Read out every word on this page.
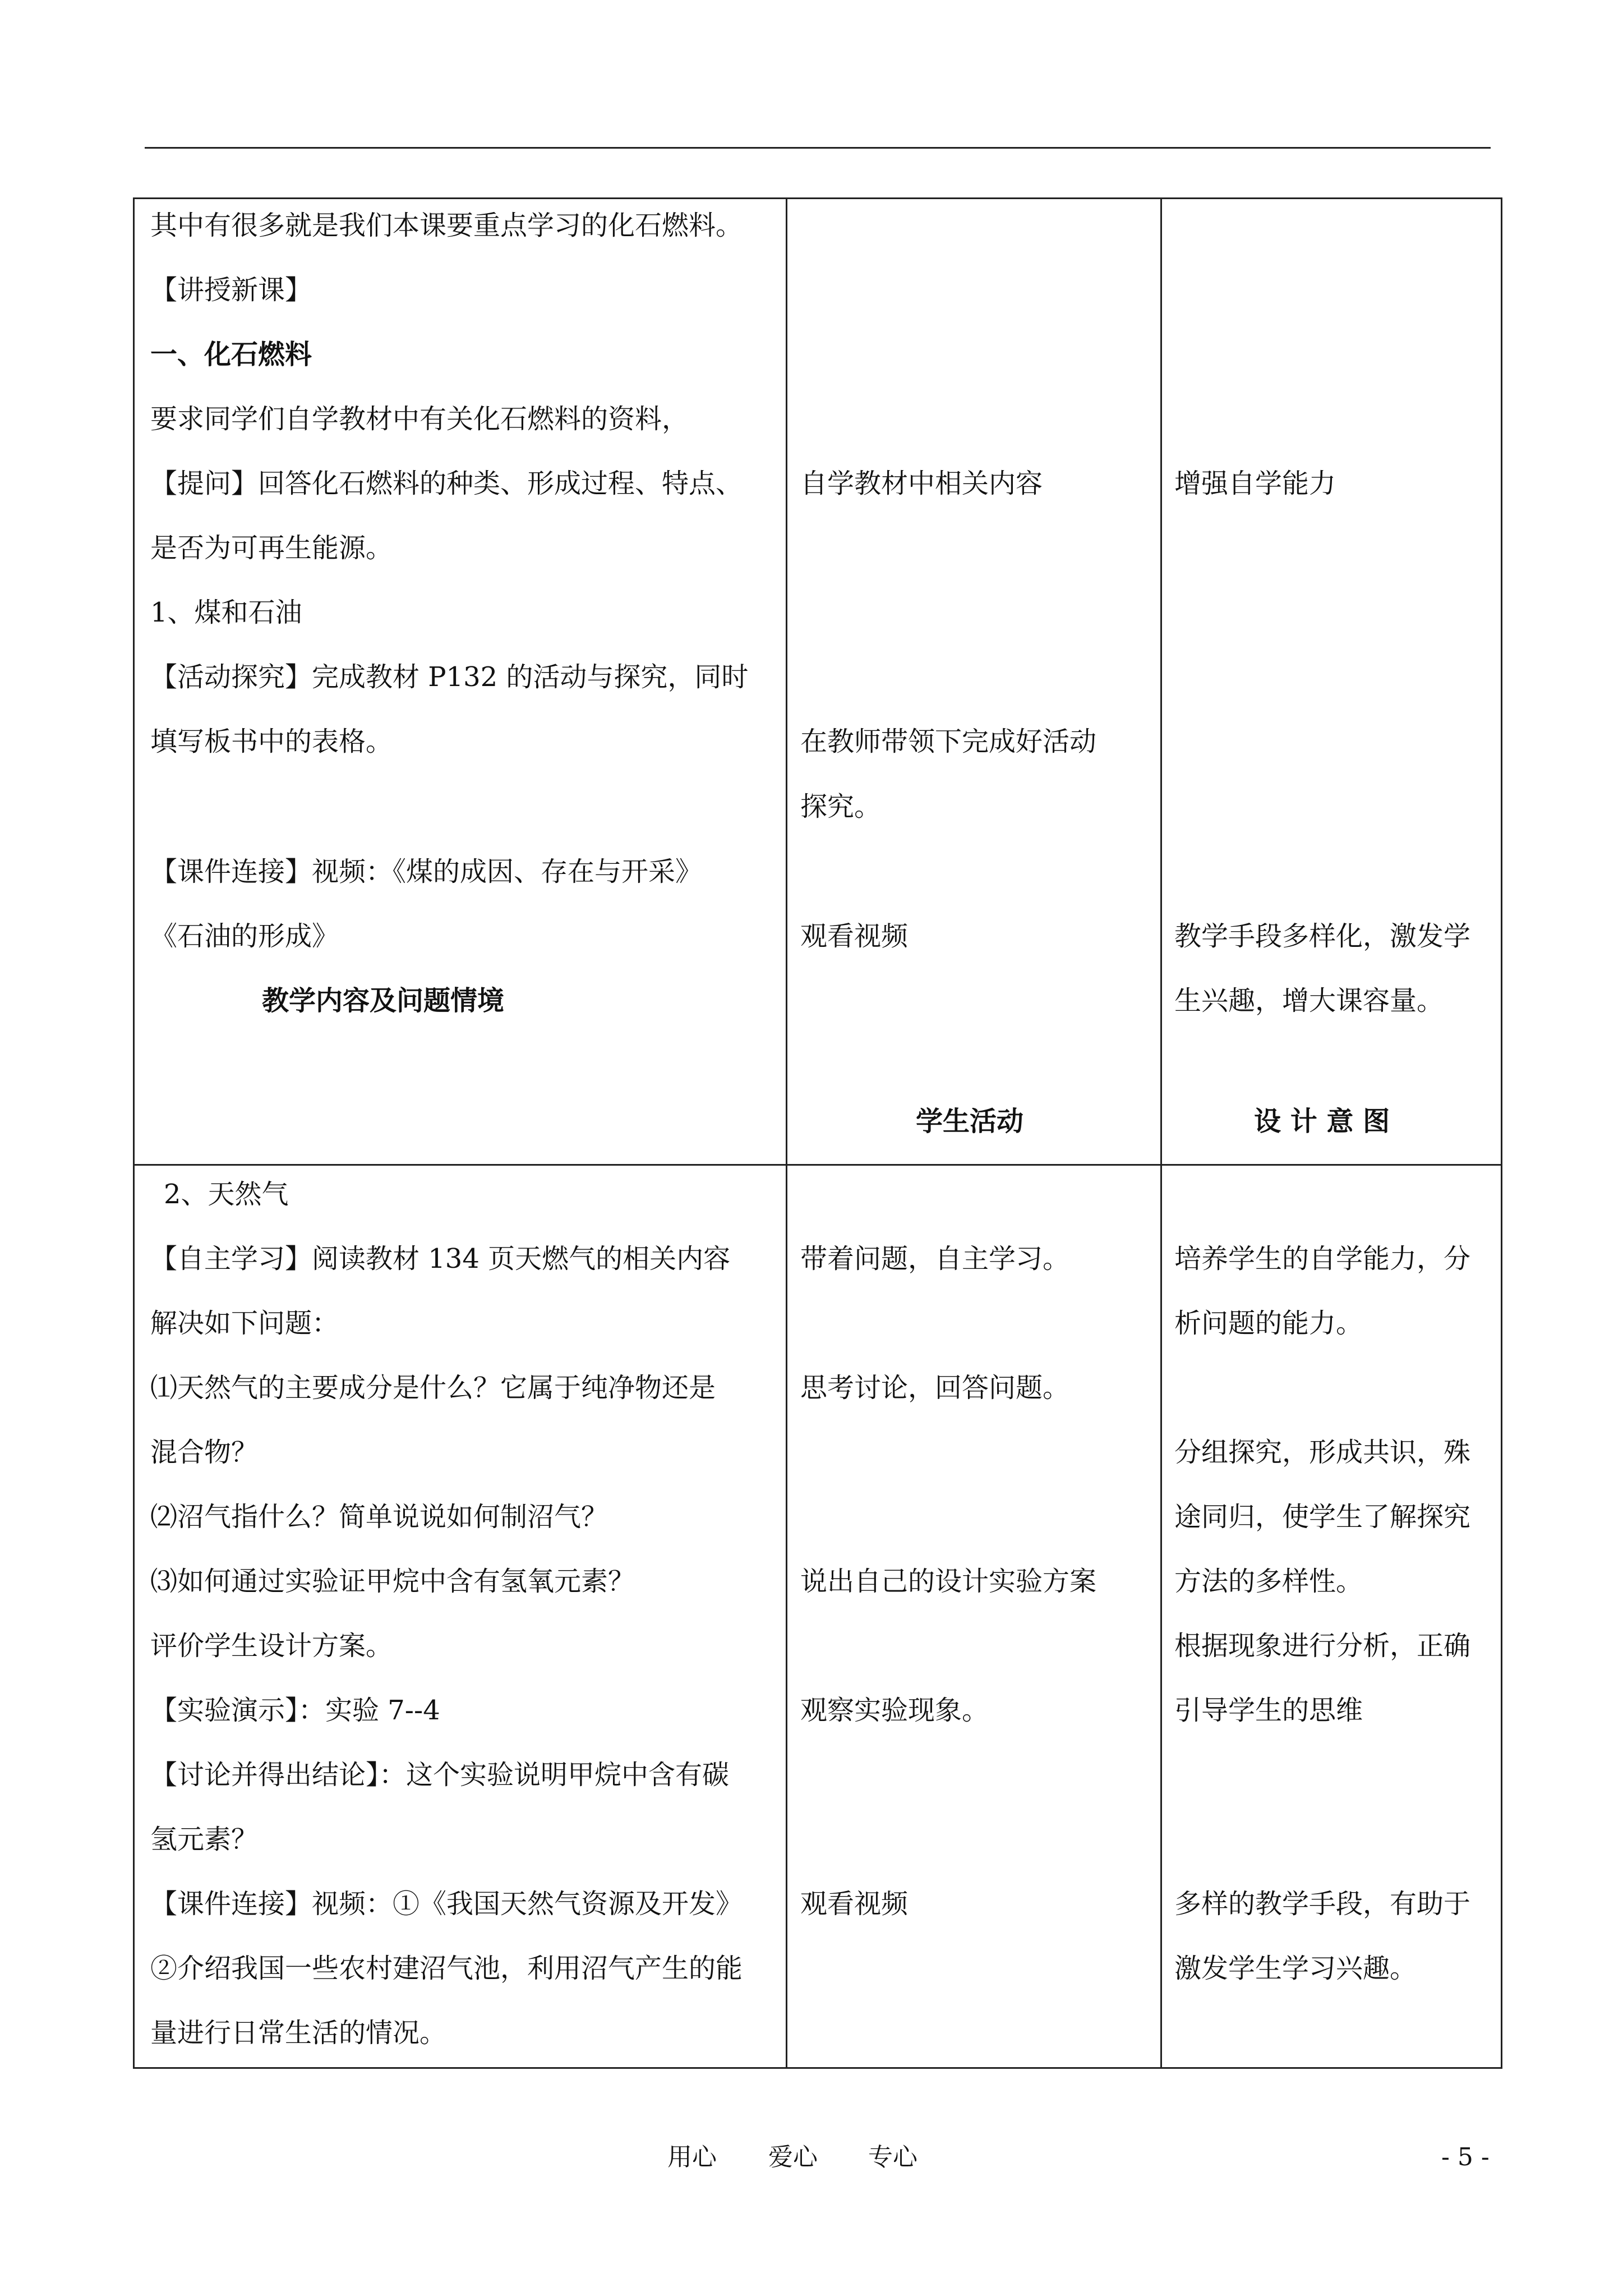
其中有很多就是我们本课要重点学习的化石燃料。
【讲授新课】
一、化石燃料
要求同学们自学教材中有关化石燃料的资料，
【提问】回答化石燃料的种类、形成过程、特点、
是否为可再生能源。
1、煤和石油
【活动探究】完成教材 P132 的活动与探究，同时
填写板书中的表格。
【课件连接】视频：《煤的成因、存在与开采》
《石油的形成》
教学内容及问题情境
自学教材中相关内容
在教师带领下完成好活动
探究。
观看视频
学生活动
增强自学能力
教学手段多样化，激发学
生兴趣，增大课容量。
设 计 意 图
2、天然气
【自主学习】阅读教材 134 页天燃气的相关内容
解决如下问题：
⑴天然气的主要成分是什么？它属于纯净物还是
混合物？
⑵沼气指什么？简单说说如何制沼气？
⑶如何通过实验证甲烷中含有氢氧元素？
评价学生设计方案。
【实验演示】：实验 7--4
【讨论并得出结论】：这个实验说明甲烷中含有碳
氢元素？
【课件连接】视频：①《我国天然气资源及开发》
②介绍我国一些农村建沼气池，利用沼气产生的能
量进行日常生活的情况。
带着问题，自主学习。
思考讨论，回答问题。
说出自己的设计实验方案
观察实验现象。
观看视频
培养学生的自学能力，分
析问题的能力。
分组探究，形成共识，殊
途同归，使学生了解探究
方法的多样性。
根据现象进行分析，正确
引导学生的思维
多样的教学手段，有助于
激发学生学习兴趣。
用心 爱心 专心	- 5 -
